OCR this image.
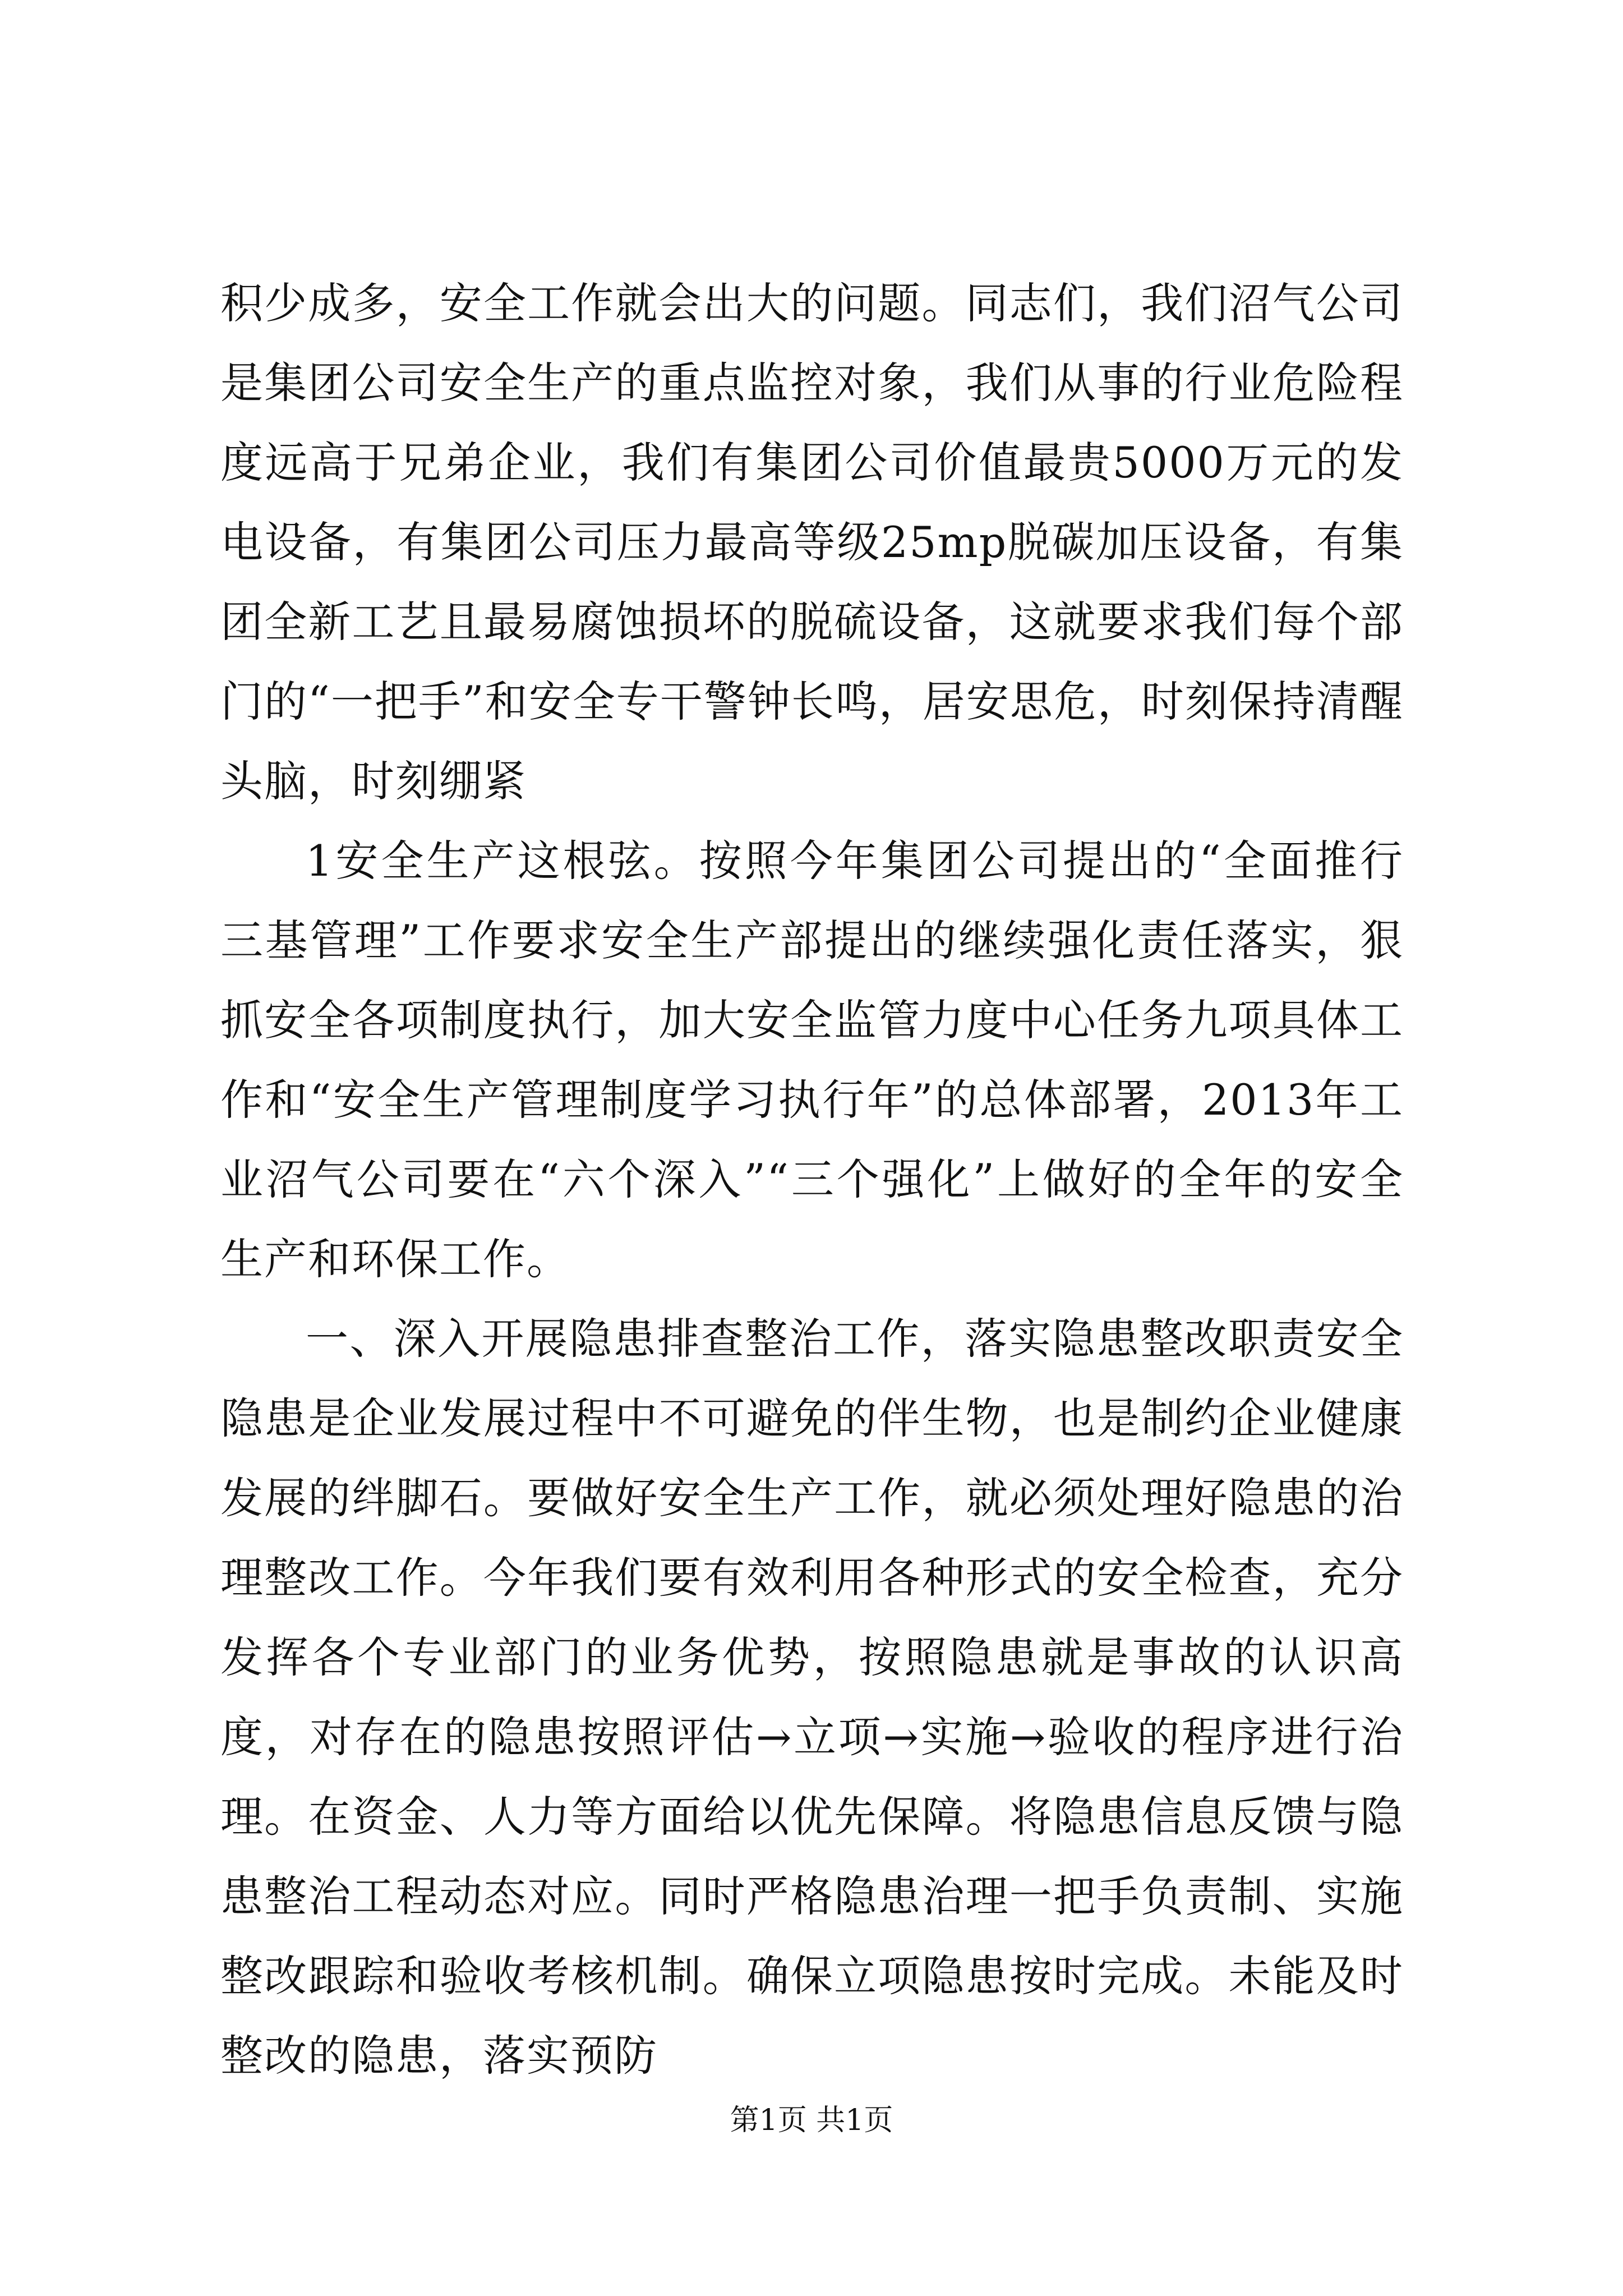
积少成多，安全工作就会出大的问题。同志们，我们沼气公司是集团公司安全生产的重点监控对象，我们从事的行业危险程度远高于兄弟企业，我们有集团公司价值最贵5000万元的发电设备，有集团公司压力最高等级25mp脱碳加压设备，有集团全新工艺且最易腐蚀损坏的脱硫设备，这就要求我们每个部门的“一把手”和安全专干警钟长鸣，居安思危，时刻保持清醒头脑，时刻绷紧

1安全生产这根弦。按照今年集团公司提出的“全面推行三基管理”工作要求安全生产部提出的继续强化责任落实，狠抓安全各项制度执行，加大安全监管力度中心任务九项具体工作和“安全生产管理制度学习执行年”的总体部署，2013年工业沼气公司要在“六个深入”“三个强化”上做好的全年的安全生产和环保工作。

一、深入开展隐患排查整治工作，落实隐患整改职责安全隐患是企业发展过程中不可避免的伴生物，也是制约企业健康发展的绊脚石。要做好安全生产工作，就必须处理好隐患的治理整改工作。今年我们要有效利用各种形式的安全检查，充分发挥各个专业部门的业务优势，按照隐患就是事故的认识高度，对存在的隐患按照评估→立项→实施→验收的程序进行治理。在资金、人力等方面给以优先保障。将隐患信息反馈与隐患整治工程动态对应。同时严格隐患治理一把手负责制、实施整改跟踪和验收考核机制。确保立项隐患按时完成。未能及时整改的隐患，落实预防

第1页 共1页
